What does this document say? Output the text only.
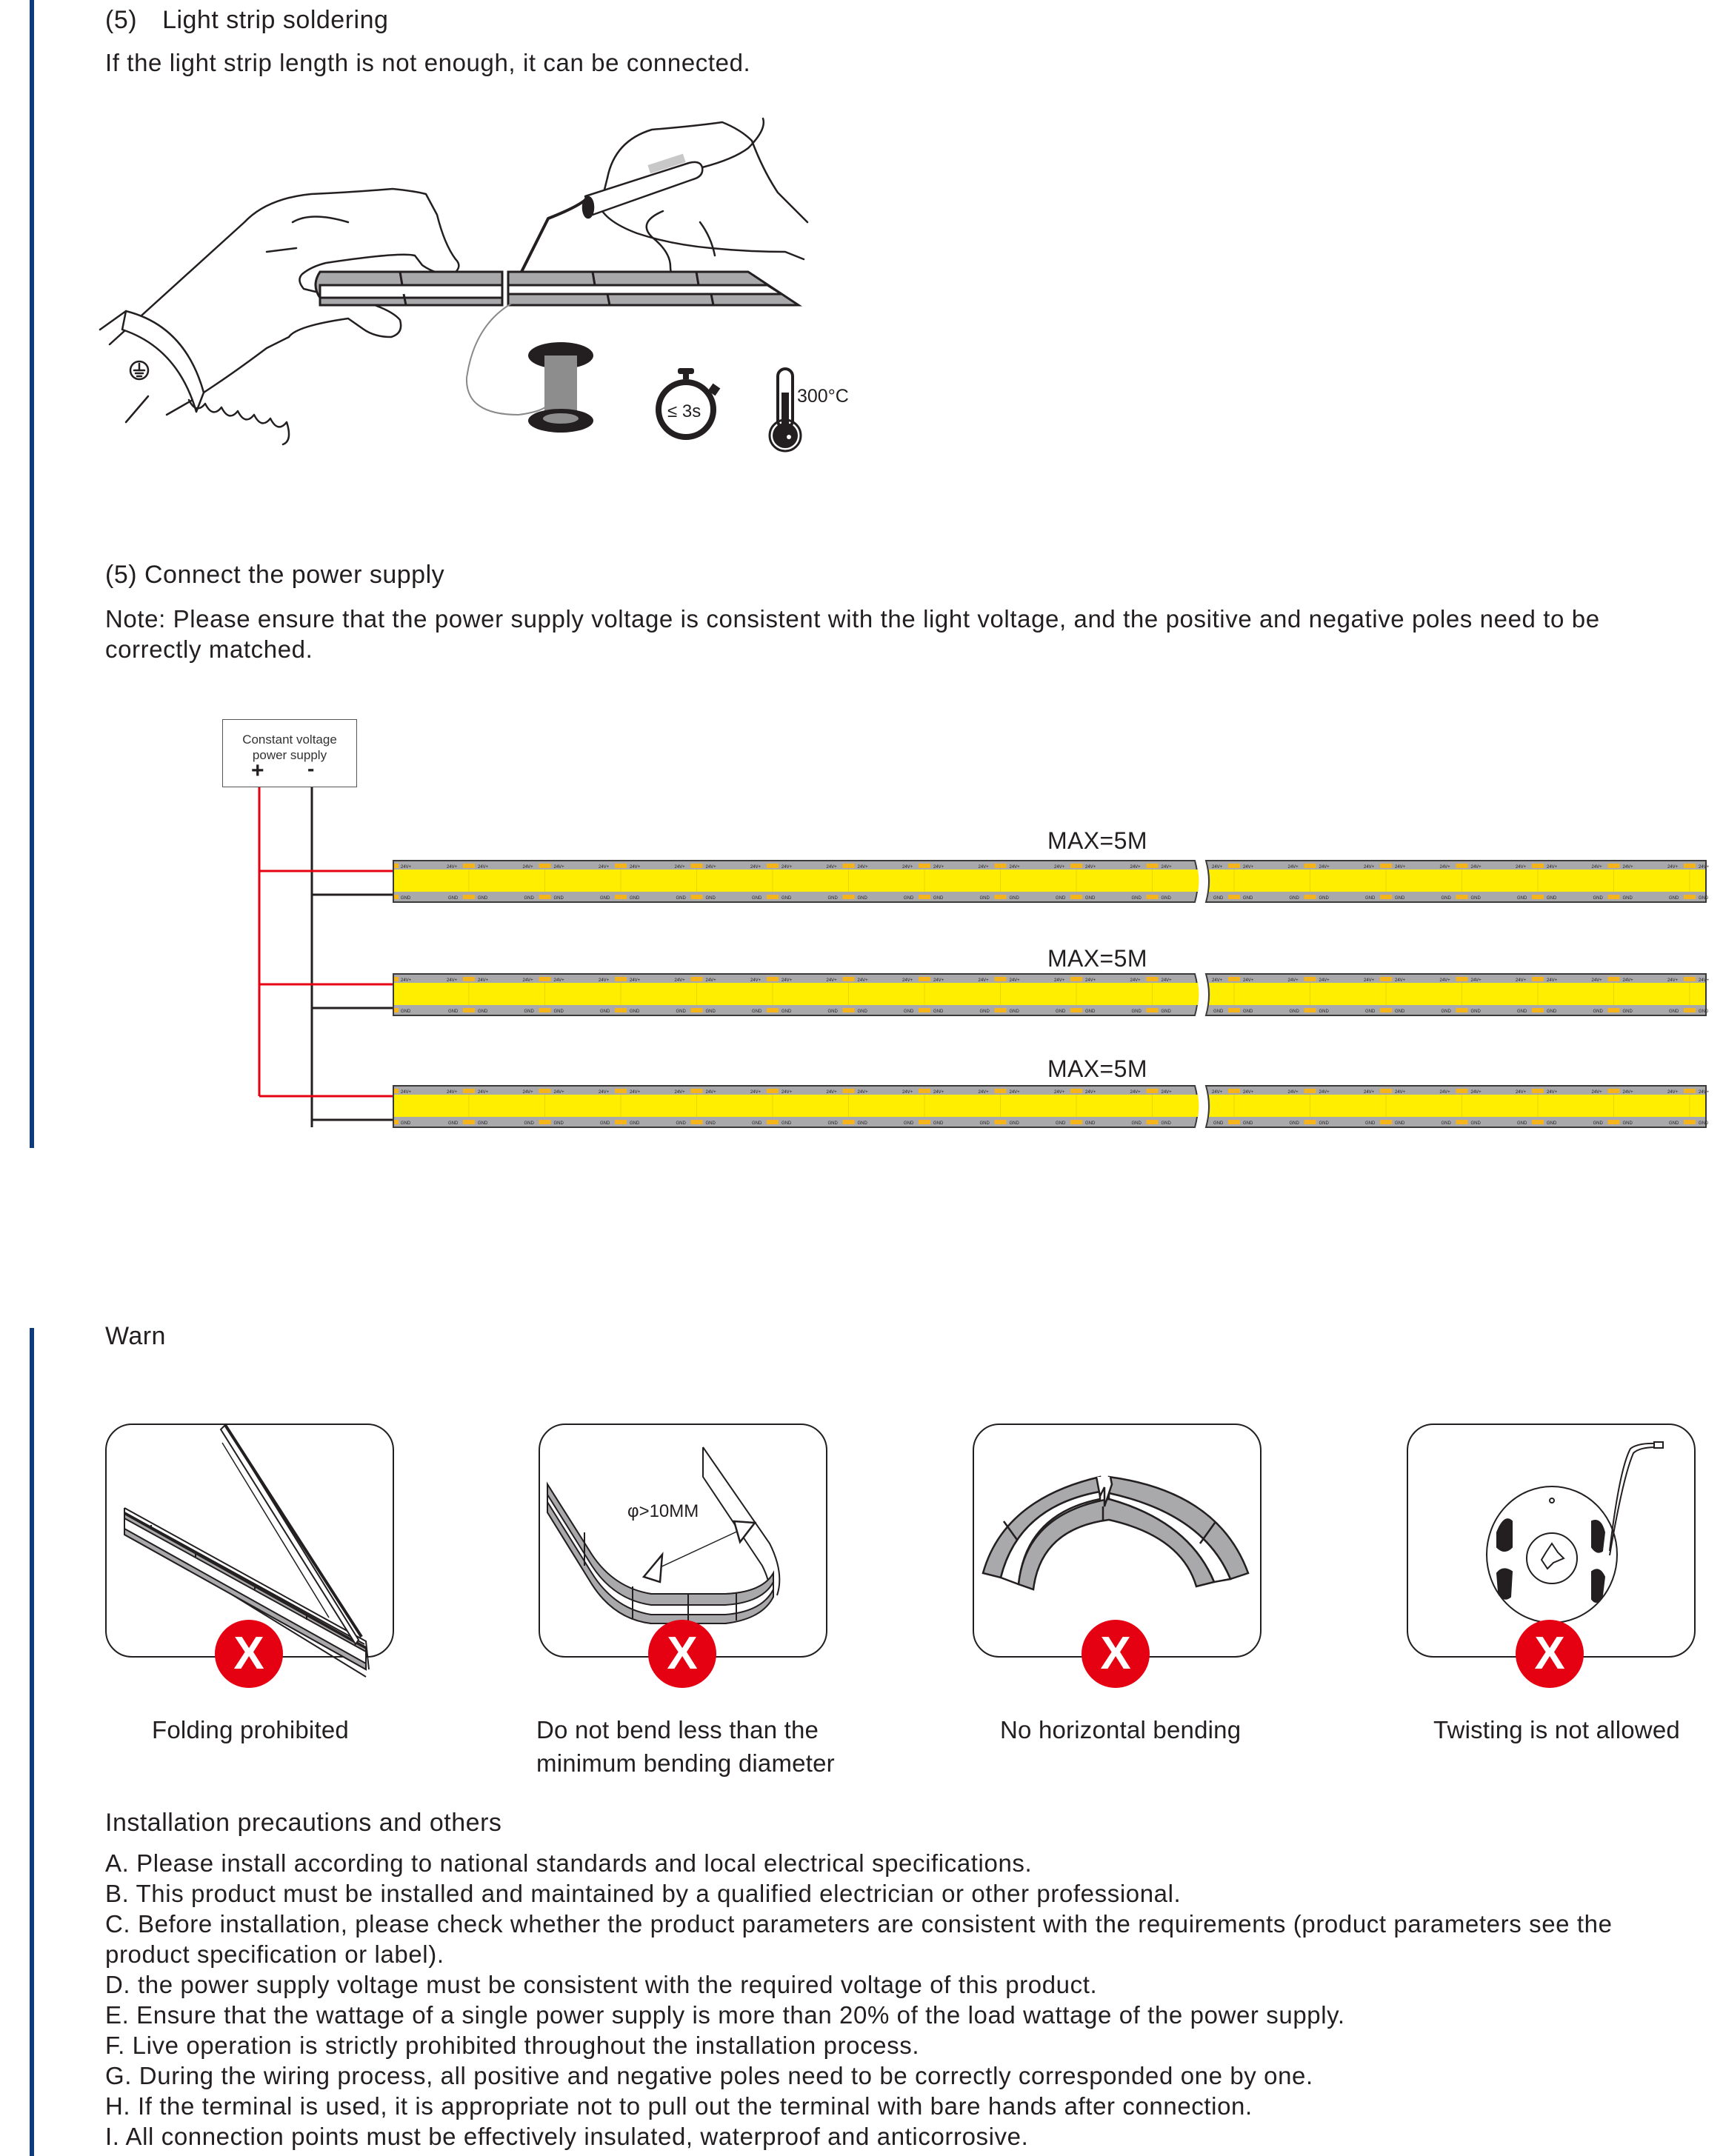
(5) Light strip soldering
If the light strip length is not enough, it can be connected.
≤ 3s
300°C
(5) Connect the power supply
Note: Please ensure that the power supply voltage is consistent with the light voltage, and the positive and negative poles need to be correctly matched.
Constant voltage
power supply
+ -
24V+	24V+
GND	GND
24V+	24V+
GND	GND
24V+	24V+
GND	GND
24V+	24V+
GND	GND
24V+	24V+
GND	GND
24V+	24V+
GND	GND
24V+	24V+
GND	GND
24V+	24V+
GND	GND
24V+	24V+
GND	GND
24V+	24V+
GND	GND
24V+
GND
24V+	24V+
GND	GND
24V+	24V+
GND	GND
24V+	24V+
GND	GND
24V+	24V+
GND	GND
24V+	24V+
GND	GND
24V+	24V+
GND	GND
24V+	24V+
GND	GND
24V+	24V+
GND	GND
24V+	24V+
GND	GND
24V+	24V+
GND	GND
24V+	24V+
GND	GND
24V+	24V+
GND	GND
24V+	24V+
GND	GND
24V+	24V+
GND	GND
24V+	24V+
GND	GND
24V+	24V+
GND	GND
24V+	24V+
GND	GND
24V+
GND
24V+	24V+
GND	GND
24V+	24V+
GND	GND
24V+	24V+
GND	GND
24V+	24V+
GND	GND
24V+	24V+
GND	GND
24V+	24V+
GND	GND
24V+	24V+
GND	GND
24V+	24V+
GND	GND
24V+	24V+
GND	GND
24V+	24V+
GND	GND
24V+	24V+
GND	GND
24V+	24V+
GND	GND
24V+	24V+
GND	GND
24V+	24V+
GND	GND
24V+	24V+
GND	GND
24V+	24V+
GND	GND
24V+	24V+
GND	GND
24V+
GND
24V+	24V+
GND	GND
24V+	24V+
GND	GND
24V+	24V+
GND	GND
24V+	24V+
GND	GND
24V+	24V+
GND	GND
24V+	24V+
GND	GND
24V+	24V+
GND	GND
MAX=5M
MAX=5M
MAX=5M
Warn
X
Folding prohibited
φ>10MM
X
Do not bend less than the
minimum bending diameter
X
No horizontal bending
X
Twisting is not allowed
Installation precautions and others
A. Please install according to national standards and local electrical specifications.
B. This product must be installed and maintained by a qualified electrician or other professional.
C. Before installation, please check whether the product parameters are consistent with the requirements (product parameters see the product specification or label).
D. the power supply voltage must be consistent with the required voltage of this product.
E. Ensure that the wattage of a single power supply is more than 20% of the load wattage of the power supply.
F. Live operation is strictly prohibited throughout the installation process.
G. During the wiring process, all positive and negative poles need to be correctly corresponded one by one.
H. If the terminal is used, it is appropriate not to pull out the terminal with bare hands after connection.
I. All connection points must be effectively insulated, waterproof and anticorrosive.
